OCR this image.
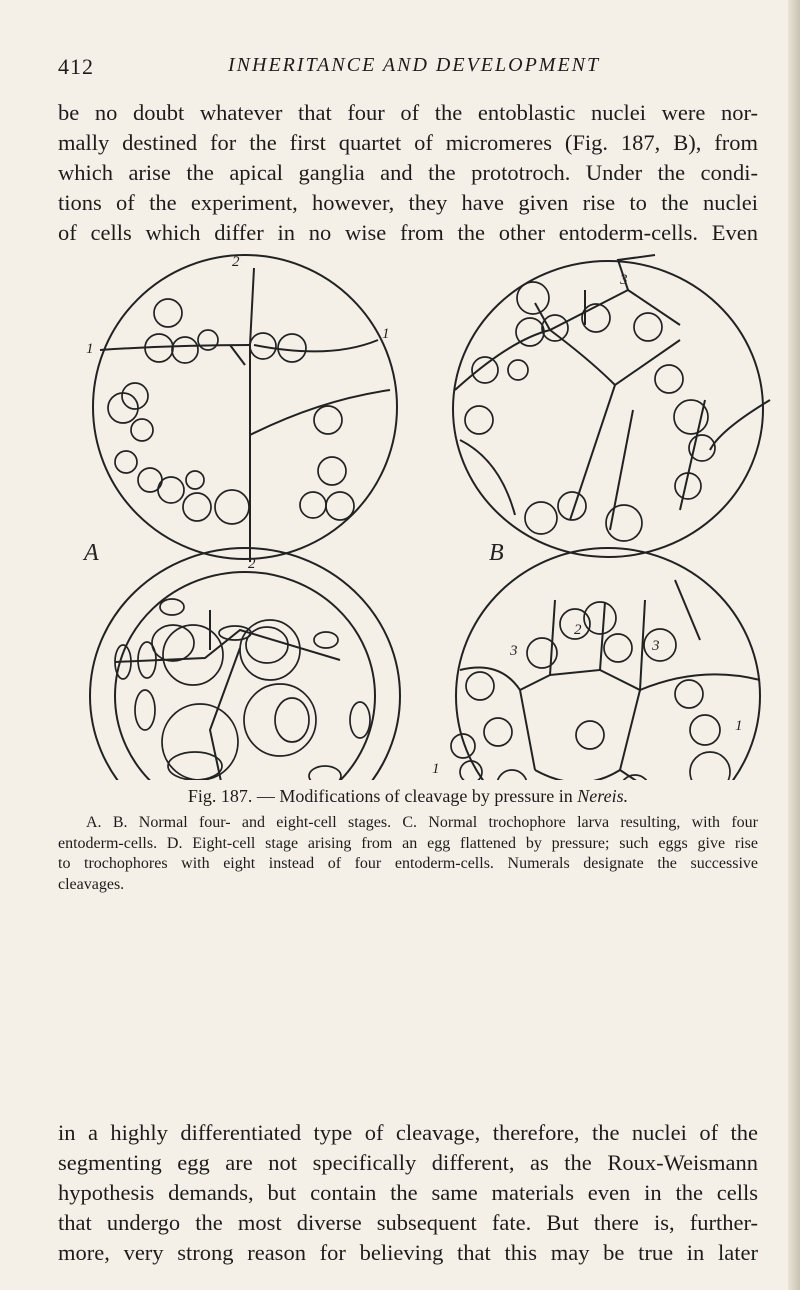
412	INHERITANCE AND DEVELOPMENT

be no doubt whatever that four of the entoblastic nuclei were nor-
mally destined for the first quartet of micromeres (Fig. 187, B), from
which arise the apical ganglia and the prototroch. Under the condi-
tions of the experiment, however, they have given rise to the nuclei
of cells which differ in no wise from the other entoderm-cells. Even

A	B
2
1
1
2
3
2
3	3
1
1
Fig. 187. — Modifications of cleavage by pressure in Nereis.
A. B. Normal four- and eight-cell stages. C. Normal trochophore larva resulting, with four
entoderm-cells. D. Eight-cell stage arising from an egg flattened by pressure; such eggs give rise
to trochophores with eight instead of four entoderm-cells. Numerals designate the successive
cleavages.

in a highly differentiated type of cleavage, therefore, the nuclei of the
segmenting egg are not specifically different, as the Roux-Weismann
hypothesis demands, but contain the same materials even in the cells
that undergo the most diverse subsequent fate. But there is, further-
more, very strong reason for believing that this may be true in later
